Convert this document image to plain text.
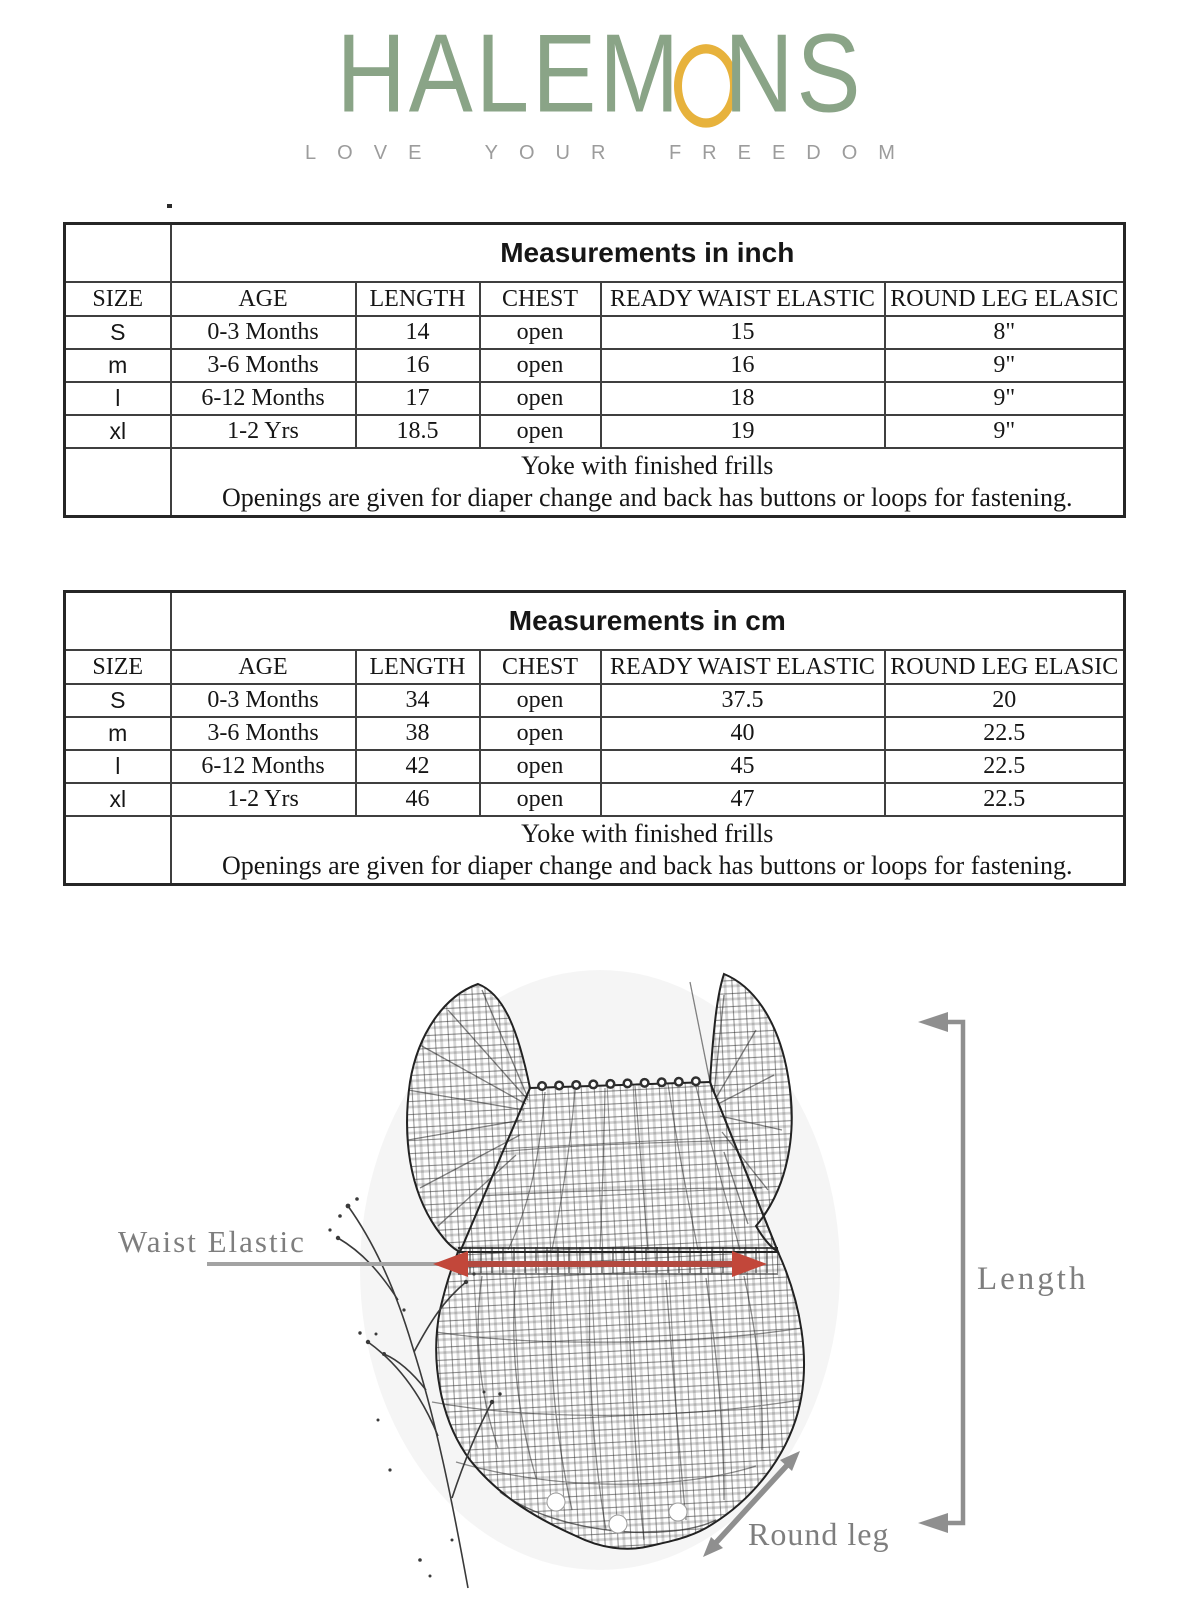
HALEM NS
LOVE YOUR FREEDOM
	Measurements in inch				
SIZE	AGE	LENGTH	CHEST	READY WAIST ELASTIC	ROUND LEG ELASIC
S	0-3 Months	14	open	15	8"
m	3-6 Months	16	open	16	9"
l	6-12 Months	17	open	18	9"
xl	1-2 Yrs	18.5	open	19	9"

	Yoke with finished frills
Openings are given for diaper change and back has buttons or loops for fastening.				
	Measurements in cm				
SIZE	AGE	LENGTH	CHEST	READY WAIST ELASTIC	ROUND LEG ELASIC
S	0-3 Months	34	open	37.5	20
m	3-6 Months	38	open	40	22.5
l	6-12 Months	42	open	45	22.5
xl	1-2 Yrs	46	open	47	22.5

	Yoke with finished frills
Openings are given for diaper change and back has buttons or loops for fastening.				
Waist Elastic
Length
Round leg
